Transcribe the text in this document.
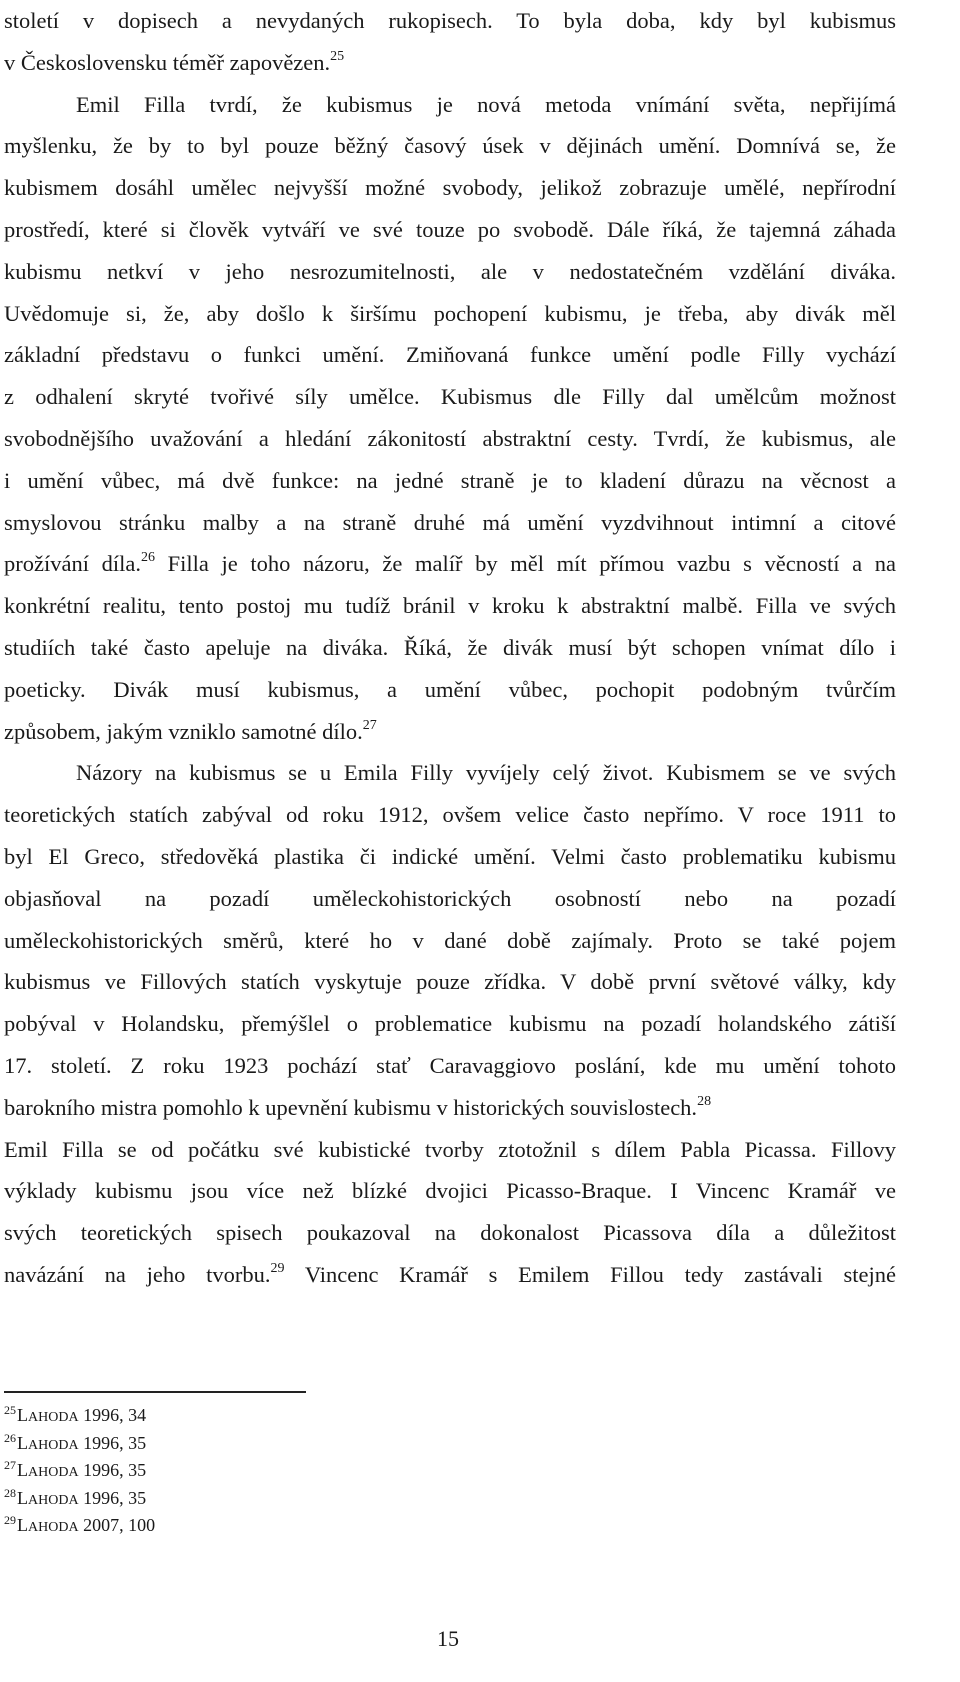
století v dopisech a nevydaných rukopisech. To byla doba, kdy byl kubismus

v Československu téměř zapovězen.$^{25}$

Emil Filla tvrdí, že kubismus je nová metoda vnímání světa, nepřijímá

myšlenku, že by to byl pouze běžný časový úsek v dějinách umění. Domnívá se, že

kubismem dosáhl umělec nejvyšší možné svobody, jelikož zobrazuje umělé, nepřírodní

prostředí, které si člověk vytváří ve své touze po svobodě. Dále říká, že tajemná záhada

kubismu netkví v jeho nesrozumitelnosti, ale v nedostatečném vzdělání diváka.

Uvědomuje si, že, aby došlo k širšímu pochopení kubismu, je třeba, aby divák měl

základní představu o funkci umění. Zmiňovaná funkce umění podle Filly vychází

z odhalení skryté tvořivé síly umělce. Kubismus dle Filly dal umělcům možnost

svobodnějšího uvažování a hledání zákonitostí abstraktní cesty. Tvrdí, že kubismus, ale

i umění vůbec, má dvě funkce: na jedné straně je to kladení důrazu na věcnost a

smyslovou stránku malby a na straně druhé má umění vyzdvihnout intimní a citové

prožívání díla.$^{26}$ Filla je toho názoru, že malíř by měl mít přímou vazbu s věcností a na

konkrétní realitu, tento postoj mu tudíž bránil v kroku k abstraktní malbě. Filla ve svých

studiích také často apeluje na diváka. Říká, že divák musí být schopen vnímat dílo i

poeticky. Divák musí kubismus, a umění vůbec, pochopit podobným tvůrčím

způsobem, jakým vzniklo samotné dílo.$^{27}$

Názory na kubismus se u Emila Filly vyvíjely celý život. Kubismem se ve svých

teoretických statích zabýval od roku 1912, ovšem velice často nepřímo. V roce 1911 to

byl El Greco, středověká plastika či indické umění. Velmi často problematiku kubismu

objasňoval na pozadí uměleckohistorických osobností nebo na pozadí

uměleckohistorických směrů, které ho v dané době zajímaly. Proto se také pojem

kubismus ve Fillových statích vyskytuje pouze zřídka. V době první světové války, kdy

pobýval v Holandsku, přemýšlel o problematice kubismu na pozadí holandského zátiší

17. století. Z roku 1923 pochází stať Caravaggiovo poslání, kde mu umění tohoto

barokního mistra pomohlo k upevnění kubismu v historických souvislostech.$^{28}$

Emil Filla se od počátku své kubistické tvorby ztotožnil s dílem Pabla Picassa. Fillovy

výklady kubismu jsou více než blízké dvojici Picasso-Braque. I Vincenc Kramář ve

svých teoretických spisech poukazoval na dokonalost Picassova díla a důležitost

navázání na jeho tvorbu.$^{29}$ Vincenc Kramář s Emilem Fillou tedy zastávali stejné

$^{25}$LAHODA 1996, 34
$^{26}$LAHODA 1996, 35
$^{27}$LAHODA 1996, 35
$^{28}$LAHODA 1996, 35
$^{29}$LAHODA 2007, 100
15
